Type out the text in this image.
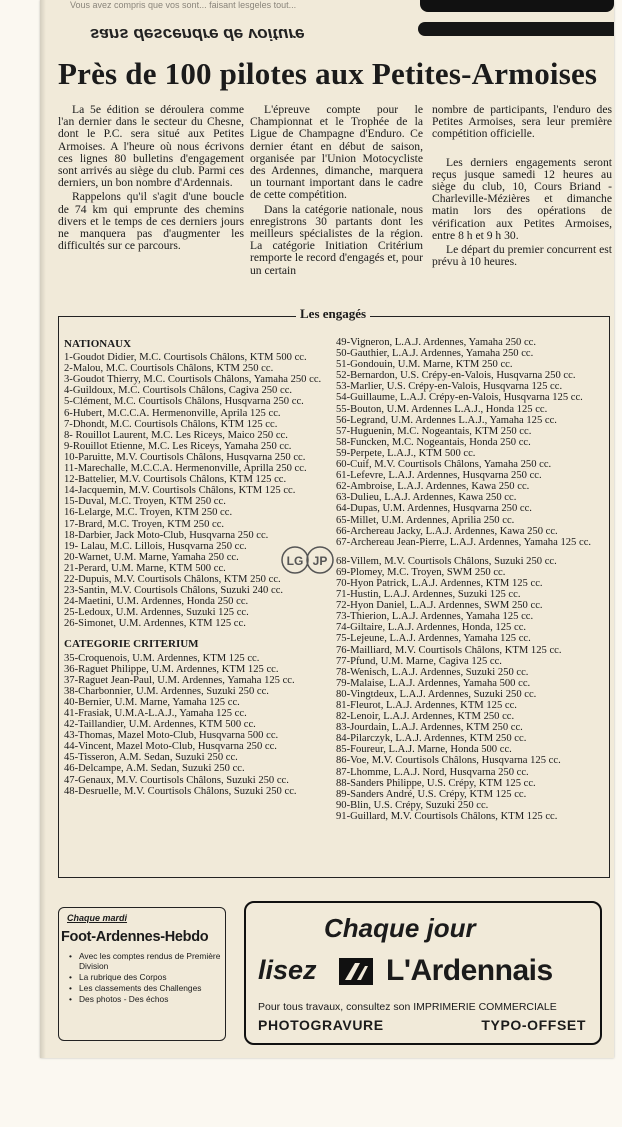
Vous avez compris que vos sont... faisant lesgeles tout...
sans descendre de voiture
Près de 100 pilotes aux Petites-Armoises

La 5e édition se déroulera comme l'an dernier dans le secteur du Chesne, dont le P.C. sera situé aux Petites Armoises. A l'heure où nous écrivons ces lignes 80 bulletins d'engagement sont arrivés au siège du club. Parmi ces derniers, un bon nombre d'Ardennais.

Rappelons qu'il s'agit d'une boucle de 74 km qui emprunte des chemins divers et le temps de ces derniers jours ne manquera pas d'augmenter les difficultés sur ce parcours.

L'épreuve compte pour le Championnat et le Trophée de la Ligue de Champagne d'Enduro. Ce dernier étant en début de saison, organisée par l'Union Motocycliste des Ardennes, dimanche, marquera un tournant important dans le cadre de cette compétition.

Dans la catégorie nationale, nous enregistrons 30 partants dont les meilleurs spécialistes de la région. La catégorie Initiation Critérium remporte le record d'engagés et, pour un certain

nombre de participants, l'enduro des Petites Armoises, sera leur première compétition officielle.

Les derniers engagements seront reçus jusque samedi 12 heures au siège du club, 10, Cours Briand - Charleville-Mézières et dimanche matin lors des opérations de vérification aux Petites Armoises, entre 8 h et 9 h 30.

Le départ du premier concurrent est prévu à 10 heures.

Les engagés
NATIONAUX
1-Goudot Didier, M.C. Courtisols Châlons, KTM 500 cc.
2-Malou, M.C. Courtisols Châlons, KTM 250 cc.
3-Goudot Thierry, M.C. Courtisols Châlons, Yamaha 250 cc.
4-Guildoux, M.C. Courtisols Châlons, Cagiva 250 cc.
5-Clément, M.C. Courtisols Châlons, Husqvarna 250 cc.
6-Hubert, M.C.C.A. Hermenonville, Aprila 125 cc.
7-Dhondt, M.C. Courtisols Châlons, KTM 125 cc.
8- Rouillot Laurent, M.C. Les Riceys, Maico 250 cc.
9-Rouillot Etienne, M.C. Les Riceys, Yamaha 250 cc.
10-Paruitte, M.V. Courtisols Châlons, Husqvarna 250 cc.
11-Marechalle, M.C.C.A. Hermenonville, Aprilla 250 cc.
12-Battelier, M.V. Courtisols Châlons, KTM 125 cc.
14-Jacquemin, M.V. Courtisols Châlons, KTM 125 cc.
15-Duval, M.C. Troyen, KTM 250 cc.
16-Lelarge, M.C. Troyen, KTM 250 cc.
17-Brard, M.C. Troyen, KTM 250 cc.
18-Darbier, Jack Moto-Club, Husqvarna 250 cc.
19- Lalau, M.C. Lillois, Husqvarna 250 cc.
20-Warnet, U.M. Marne, Yamaha 250 cc.
21-Perard, U.M. Marne, KTM 500 cc.
22-Dupuis, M.V. Courtisols Châlons, KTM 250 cc.
23-Santin, M.V. Courtisols Châlons, Suzuki 240 cc.
24-Maetini, U.M. Ardennes, Honda 250 cc.
25-Ledoux, U.M. Ardennes, Suzuki 125 cc.
26-Simonet, U.M. Ardennes, KTM 125 cc.
CATEGORIE CRITERIUM
35-Croquenois, U.M. Ardennes, KTM 125 cc.
36-Raguet Philippe, U.M. Ardennes, KTM 125 cc.
37-Raguet Jean-Paul, U.M. Ardennes, Yamaha 125 cc.
38-Charbonnier, U.M. Ardennes, Suzuki 250 cc.
40-Bernier, U.M. Marne, Yamaha 125 cc.
41-Frasiak, U.M.A-L.A.J., Yamaha 125 cc.
42-Taillandier, U.M. Ardennes, KTM 500 cc.
43-Thomas, Mazel Moto-Club, Husqvarna 500 cc.
44-Vincent, Mazel Moto-Club, Husqvarna 250 cc.
45-Tisseron, A.M. Sedan, Suzuki 250 cc.
46-Delcampe, A.M. Sedan, Suzuki 250 cc.
47-Genaux, M.V. Courtisols Châlons, Suzuki 250 cc.
48-Desruelle, M.V. Courtisols Châlons, Suzuki 250 cc.
49-Vigneron, L.A.J. Ardennes, Yamaha 250 cc.
50-Gauthier, L.A.J. Ardennes, Yamaha 250 cc.
51-Gondouin, U.M. Marne, KTM 250 cc.
52-Bernardon, U.S. Crépy-en-Valois, Husqvarna 250 cc.
53-Marlier, U.S. Crépy-en-Valois, Husqvarna 125 cc.
54-Guillaume, L.A.J. Crépy-en-Valois, Husqvarna 125 cc.
55-Bouton, U.M. Ardennes L.A.J., Honda 125 cc.
56-Legrand, U.M. Ardennes L.A.J., Yamaha 125 cc.
57-Huguenin, M.C. Nogeantais, KTM 250 cc.
58-Funcken, M.C. Nogeantais, Honda 250 cc.
59-Perpete, L.A.J., KTM 500 cc.
60-Cuif, M.V. Courtisols Châlons, Yamaha 250 cc.
61-Lefevre, L.A.J. Ardennes, Husqvarna 250 cc.
62-Ambroise, L.A.J. Ardennes, Kawa 250 cc.
63-Dulieu, L.A.J. Ardennes, Kawa 250 cc.
64-Dupas, U.M. Ardennes, Husqvarna 250 cc.
65-Millet, U.M. Ardennes, Aprilia 250 cc.
66-Archereau Jacky, L.A.J. Ardennes, Kawa 250 cc.
67-Archereau Jean-Pierre, L.A.J. Ardennes, Yamaha 125 cc.
68-Villem, M.V. Courtisols Châlons, Suzuki 250 cc.
69-Plomey, M.C. Troyen, SWM 250 cc.
70-Hyon Patrick, L.A.J. Ardennes, KTM 125 cc.
71-Hustin, L.A.J. Ardennes, Suzuki 125 cc.
72-Hyon Daniel, L.A.J. Ardennes, SWM 250 cc.
73-Thierion, L.A.J. Ardennes, Yamaha 125 cc.
74-Giltaire, L.A.J. Ardennes, Honda, 125 cc.
75-Lejeune, L.A.J. Ardennes, Yamaha 125 cc.
76-Mailliard, M.V. Courtisols Châlons, KTM 125 cc.
77-Pfund, U.M. Marne, Cagiva 125 cc.
78-Wenisch, L.A.J. Ardennes, Suzuki 250 cc.
79-Malaise, L.A.J. Ardennes, Yamaha 500 cc.
80-Vingtdeux, L.A.J. Ardennes, Suzuki 250 cc.
81-Fleurot, L.A.J. Ardennes, KTM 125 cc.
82-Lenoir, L.A.J. Ardennes, KTM 250 cc.
83-Jourdain, L.A.J. Ardennes, KTM 250 cc.
84-Pilarczyk, L.A.J. Ardennes, KTM 250 cc.
85-Foureur, L.A.J. Marne, Honda 500 cc.
86-Voe, M.V. Courtisols Châlons, Husqvarna 125 cc.
87-Lhomme, L.A.J. Nord, Husqvarna 250 cc.
88-Sanders Philippe, U.S. Crépy, KTM 125 cc.
89-Sanders André, U.S. Crépy, KTM 125 cc.
90-Blin, U.S. Crépy, Suzuki 250 cc.
91-Guillard, M.V. Courtisols Châlons, KTM 125 cc.
LG JP
Chaque mardi
Foot-Ardennes-Hebdo
• Avec les comptes rendus de Première Division
• La rubrique des Corpos
• Les classements des Challenges
• Des photos - Des échos
Chaque jour
lisez L'Ardennais
Pour tous travaux, consultez son IMPRIMERIE COMMERCIALE
PHOTOGRAVURE	TYPO-OFFSET
